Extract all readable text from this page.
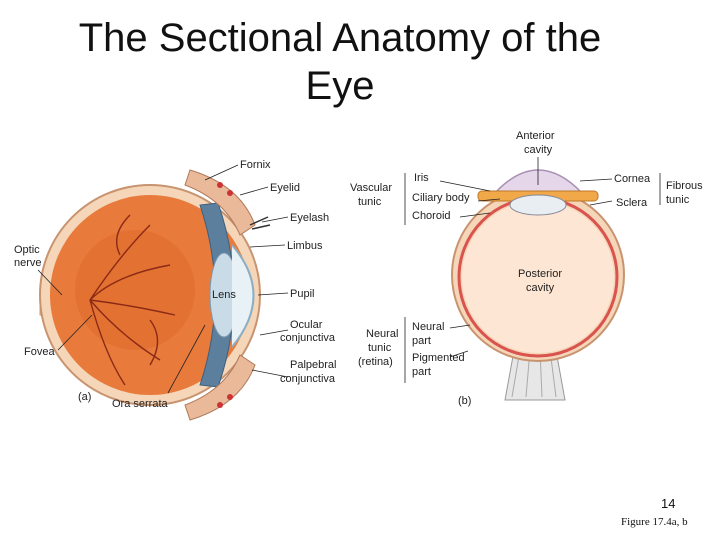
The Sectional Anatomy of the Eye
Fornix
Eyelid
Eyelash
Limbus
Pupil
Ocular
conjunctiva
Palpebral
conjunctiva
Ora serrata
Optic
nerve
Fovea
Lens
(a)
Anterior
cavity
Vascular
tunic
Iris
Ciliary body
Choroid
Cornea
Sclera
Fibrous
tunic
Posterior
cavity
Neural
tunic
(retina)
Neural
part
Pigmented
part
(b)
14
Figure 17.4a, b
